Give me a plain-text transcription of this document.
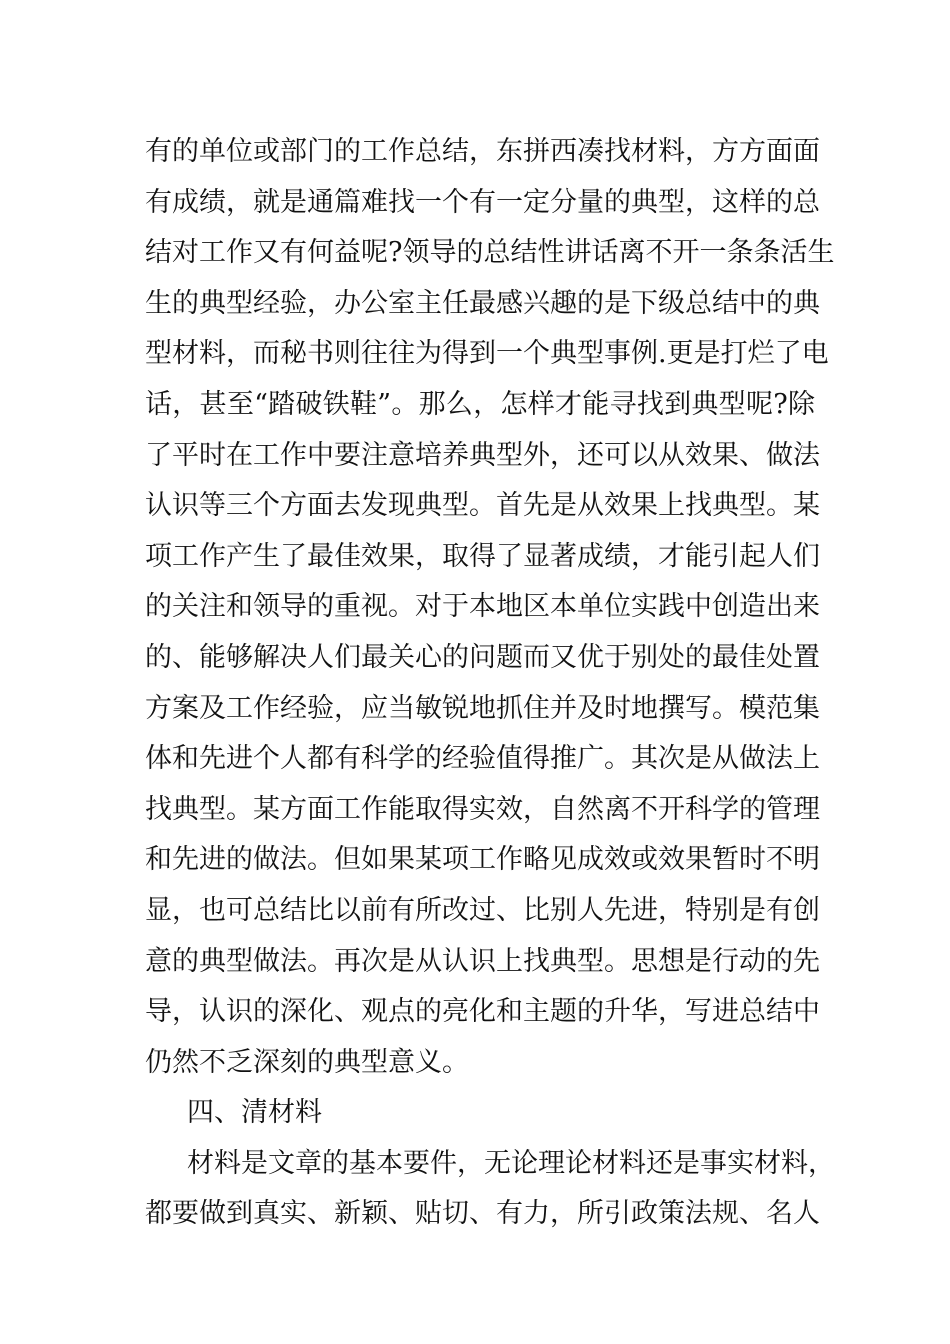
有的单位或部门的工作总结，东拼西凑找材料，方方面面
有成绩，就是通篇难找一个有一定分量的典型，这样的总
结对工作又有何益呢?领导的总结性讲话离不开一条条活生
生的典型经验，办公室主任最感兴趣的是下级总结中的典
型材料，而秘书则往往为得到一个典型事例.更是打烂了电
话，甚至“踏破铁鞋”。那么，怎样才能寻找到典型呢?除
了平时在工作中要注意培养典型外，还可以从效果、做法
认识等三个方面去发现典型。首先是从效果上找典型。某
项工作产生了最佳效果，取得了显著成绩，才能引起人们
的关注和领导的重视。对于本地区本单位实践中创造出来
的、能够解决人们最关心的问题而又优于别处的最佳处置
方案及工作经验，应当敏锐地抓住并及时地撰写。模范集
体和先进个人都有科学的经验值得推广。其次是从做法上
找典型。某方面工作能取得实效，自然离不开科学的管理
和先进的做法。但如果某项工作略见成效或效果暂时不明
显，也可总结比以前有所改过、比别人先进，特别是有创
意的典型做法。再次是从认识上找典型。思想是行动的先
导，认识的深化、观点的亮化和主题的升华，写进总结中
仍然不乏深刻的典型意义。
四、清材料
材料是文章的基本要件，无论理论材料还是事实材料，
都要做到真实、新颖、贴切、有力，所引政策法规、名人
